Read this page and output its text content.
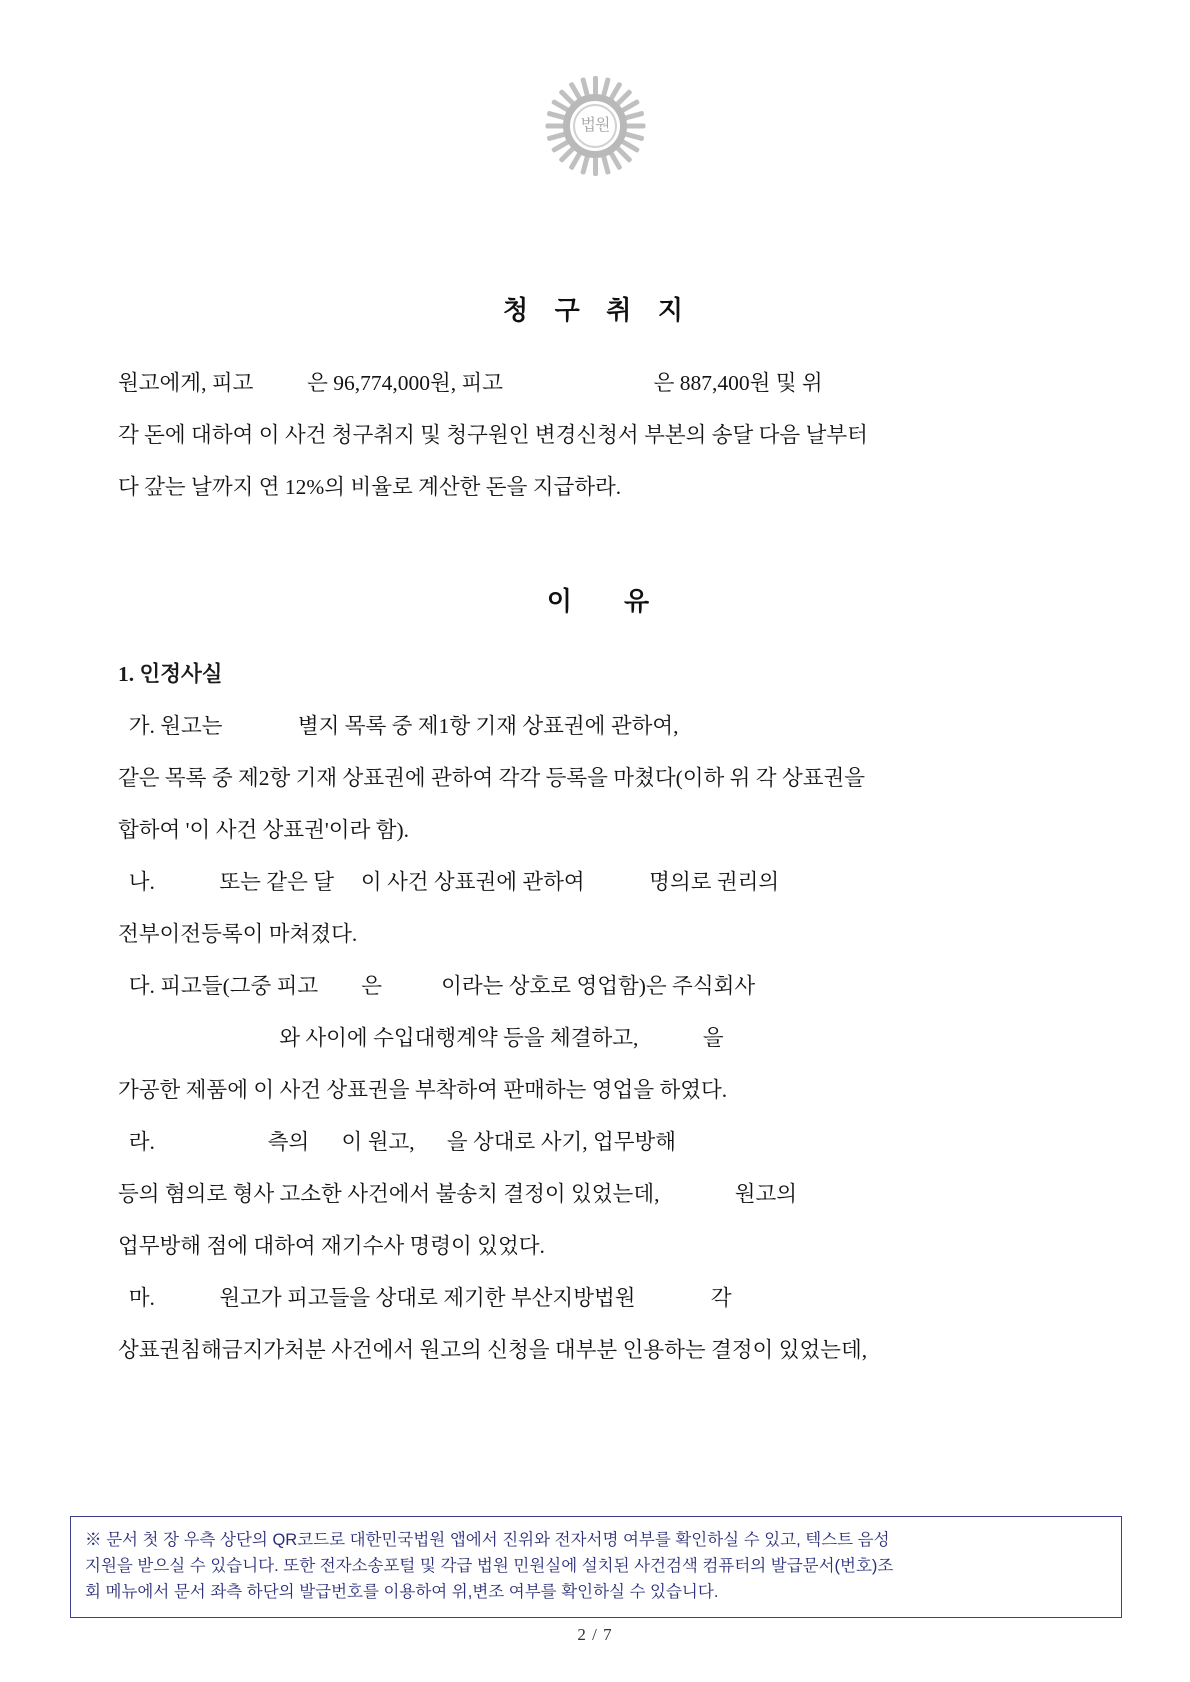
법원
청 구 취 지

원고에게, 피고          은 96,774,000원, 피고                            은 887,400원 및 위

각 돈에 대하여 이 사건 청구취지 및 청구원인 변경신청서 부본의 송달 다음 날부터

다 갚는 날까지 연 12%의 비율로 계산한 돈을 지급하라.

이 유

1. 인정사실

가. 원고는              별지 목록 중 제1항 기재 상표권에 관하여,

같은 목록 중 제2항 기재 상표권에 관하여 각각 등록을 마쳤다(이하 위 각 상표권을

합하여 '이 사건 상표권'이라 함).

나.            또는 같은 달     이 사건 상표권에 관하여            명의로 권리의

전부이전등록이 마쳐졌다.

다. 피고들(그중 피고        은           이라는 상호로 영업함)은 주식회사

와 사이에 수입대행계약 등을 체결하고,            을

가공한 제품에 이 사건 상표권을 부착하여 판매하는 영업을 하였다.

라.                     측의      이 원고,      을 상대로 사기, 업무방해

등의 혐의로 형사 고소한 사건에서 불송치 결정이 있었는데,              원고의

업무방해 점에 대하여 재기수사 명령이 있었다.

마.            원고가 피고들을 상대로 제기한 부산지방법원              각

상표권침해금지가처분 사건에서 원고의 신청을 대부분 인용하는 결정이 있었는데,

※ 문서 첫 장 우측 상단의 QR코드로 대한민국법원 앱에서 진위와 전자서명 여부를 확인하실 수 있고, 텍스트 음성
지원을 받으실 수 있습니다. 또한 전자소송포털 및 각급 법원 민원실에 설치된 사건검색 컴퓨터의 발급문서(번호)조
회 메뉴에서 문서 좌측 하단의 발급번호를 이용하여 위,변조 여부를 확인하실 수 있습니다.
2 / 7
